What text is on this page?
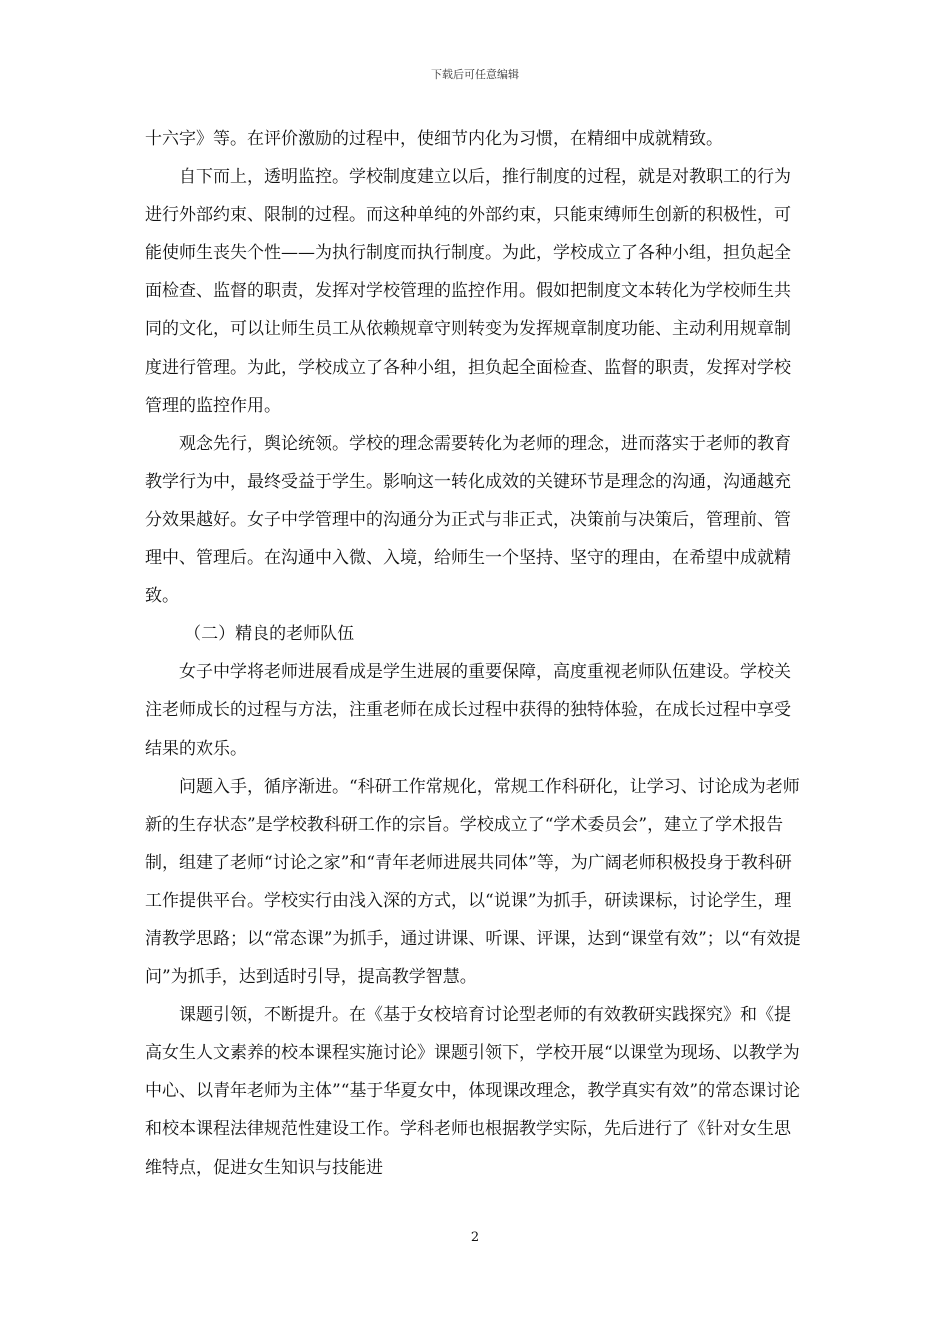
下载后可任意编辑

十六字》等。在评价激励的过程中，使细节内化为习惯，在精细中成就精致。

自下而上，透明监控。学校制度建立以后，推行制度的过程，就是对教职工的行为进行外部约束、限制的过程。而这种单纯的外部约束，只能束缚师生创新的积极性，可能使师生丧失个性——为执行制度而执行制度。为此，学校成立了各种小组，担负起全面检查、监督的职责，发挥对学校管理的监控作用。假如把制度文本转化为学校师生共同的文化，可以让师生员工从依赖规章守则转变为发挥规章制度功能、主动利用规章制度进行管理。为此，学校成立了各种小组，担负起全面检查、监督的职责，发挥对学校管理的监控作用。

观念先行，舆论统领。学校的理念需要转化为老师的理念，进而落实于老师的教育教学行为中，最终受益于学生。影响这一转化成效的关键环节是理念的沟通，沟通越充分效果越好。女子中学管理中的沟通分为正式与非正式，决策前与决策后，管理前、管理中、管理后。在沟通中入微、入境，给师生一个坚持、坚守的理由，在希望中成就精致。

（二）精良的老师队伍

女子中学将老师进展看成是学生进展的重要保障，高度重视老师队伍建设。学校关注老师成长的过程与方法，注重老师在成长过程中获得的独特体验，在成长过程中享受结果的欢乐。

问题入手，循序渐进。“科研工作常规化，常规工作科研化，让学习、讨论成为老师新的生存状态”是学校教科研工作的宗旨。学校成立了“学术委员会”，建立了学术报告制，组建了老师“讨论之家”和“青年老师进展共同体”等，为广阔老师积极投身于教科研工作提供平台。学校实行由浅入深的方式，以“说课”为抓手，研读课标，讨论学生，理清教学思路；以“常态课”为抓手，通过讲课、听课、评课，达到“课堂有效”；以“有效提问”为抓手，达到适时引导，提高教学智慧。

课题引领，不断提升。在《基于女校培育讨论型老师的有效教研实践探究》和《提高女生人文素养的校本课程实施讨论》课题引领下，学校开展“以课堂为现场、以教学为中心、以青年老师为主体”“基于华夏女中，体现课改理念，教学真实有效”的常态课讨论和校本课程法律规范性建设工作。学科老师也根据教学实际，先后进行了《针对女生思维特点，促进女生知识与技能进

2
